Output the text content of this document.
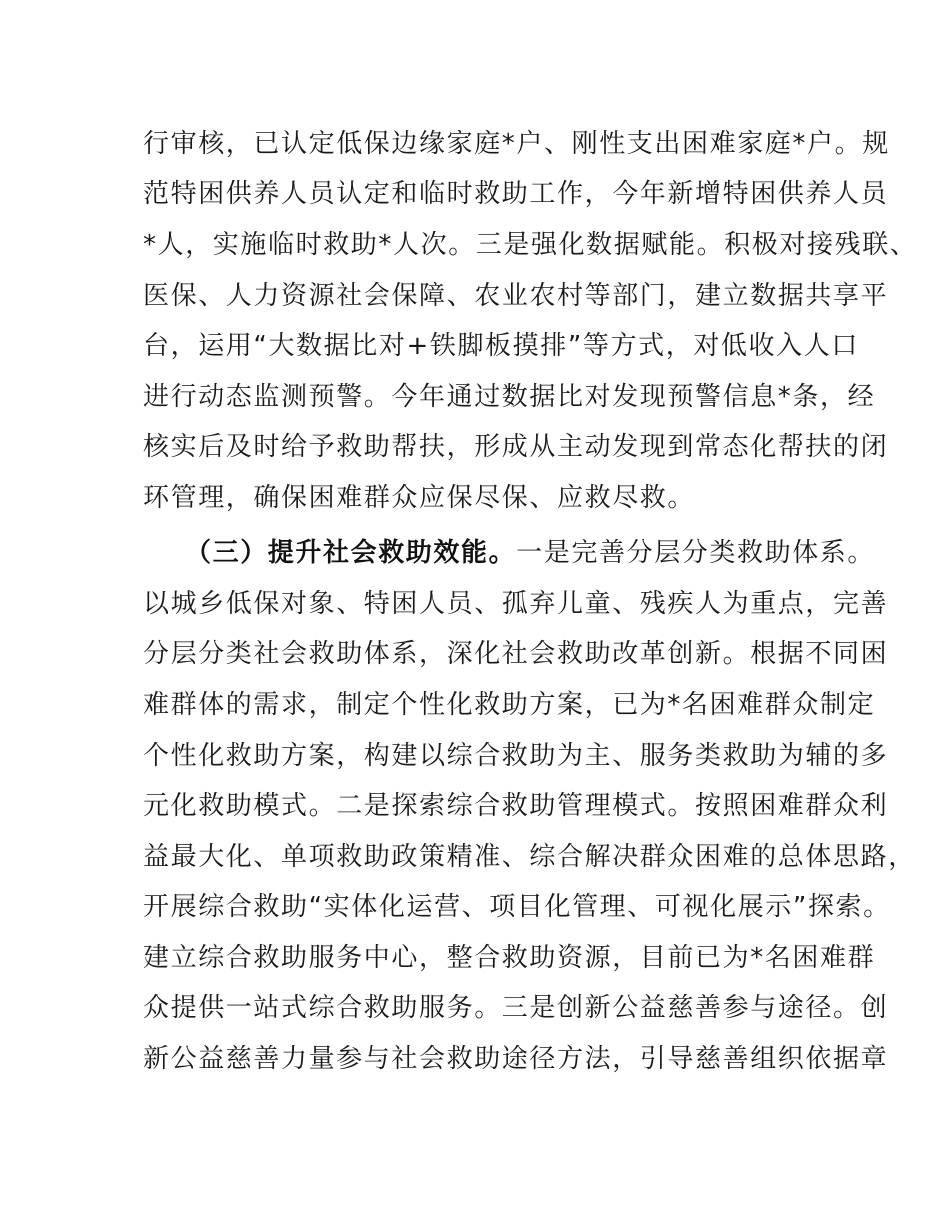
行审核，已认定低保边缘家庭*户、刚性支出困难家庭*户。规
范特困供养人员认定和临时救助工作，今年新增特困供养人员
*人，实施临时救助*人次。三是强化数据赋能。积极对接残联、
医保、人力资源社会保障、农业农村等部门，建立数据共享平
台，运用“大数据比对+铁脚板摸排”等方式，对低收入人口
进行动态监测预警。今年通过数据比对发现预警信息*条，经
核实后及时给予救助帮扶，形成从主动发现到常态化帮扶的闭
环管理，确保困难群众应保尽保、应救尽救。
（三）提升社会救助效能。一是完善分层分类救助体系。
以城乡低保对象、特困人员、孤弃儿童、残疾人为重点，完善
分层分类社会救助体系，深化社会救助改革创新。根据不同困
难群体的需求，制定个性化救助方案，已为*名困难群众制定
个性化救助方案，构建以综合救助为主、服务类救助为辅的多
元化救助模式。二是探索综合救助管理模式。按照困难群众利
益最大化、单项救助政策精准、综合解决群众困难的总体思路，
开展综合救助“实体化运营、项目化管理、可视化展示”探索。
建立综合救助服务中心，整合救助资源，目前已为*名困难群
众提供一站式综合救助服务。三是创新公益慈善参与途径。创
新公益慈善力量参与社会救助途径方法，引导慈善组织依据章
